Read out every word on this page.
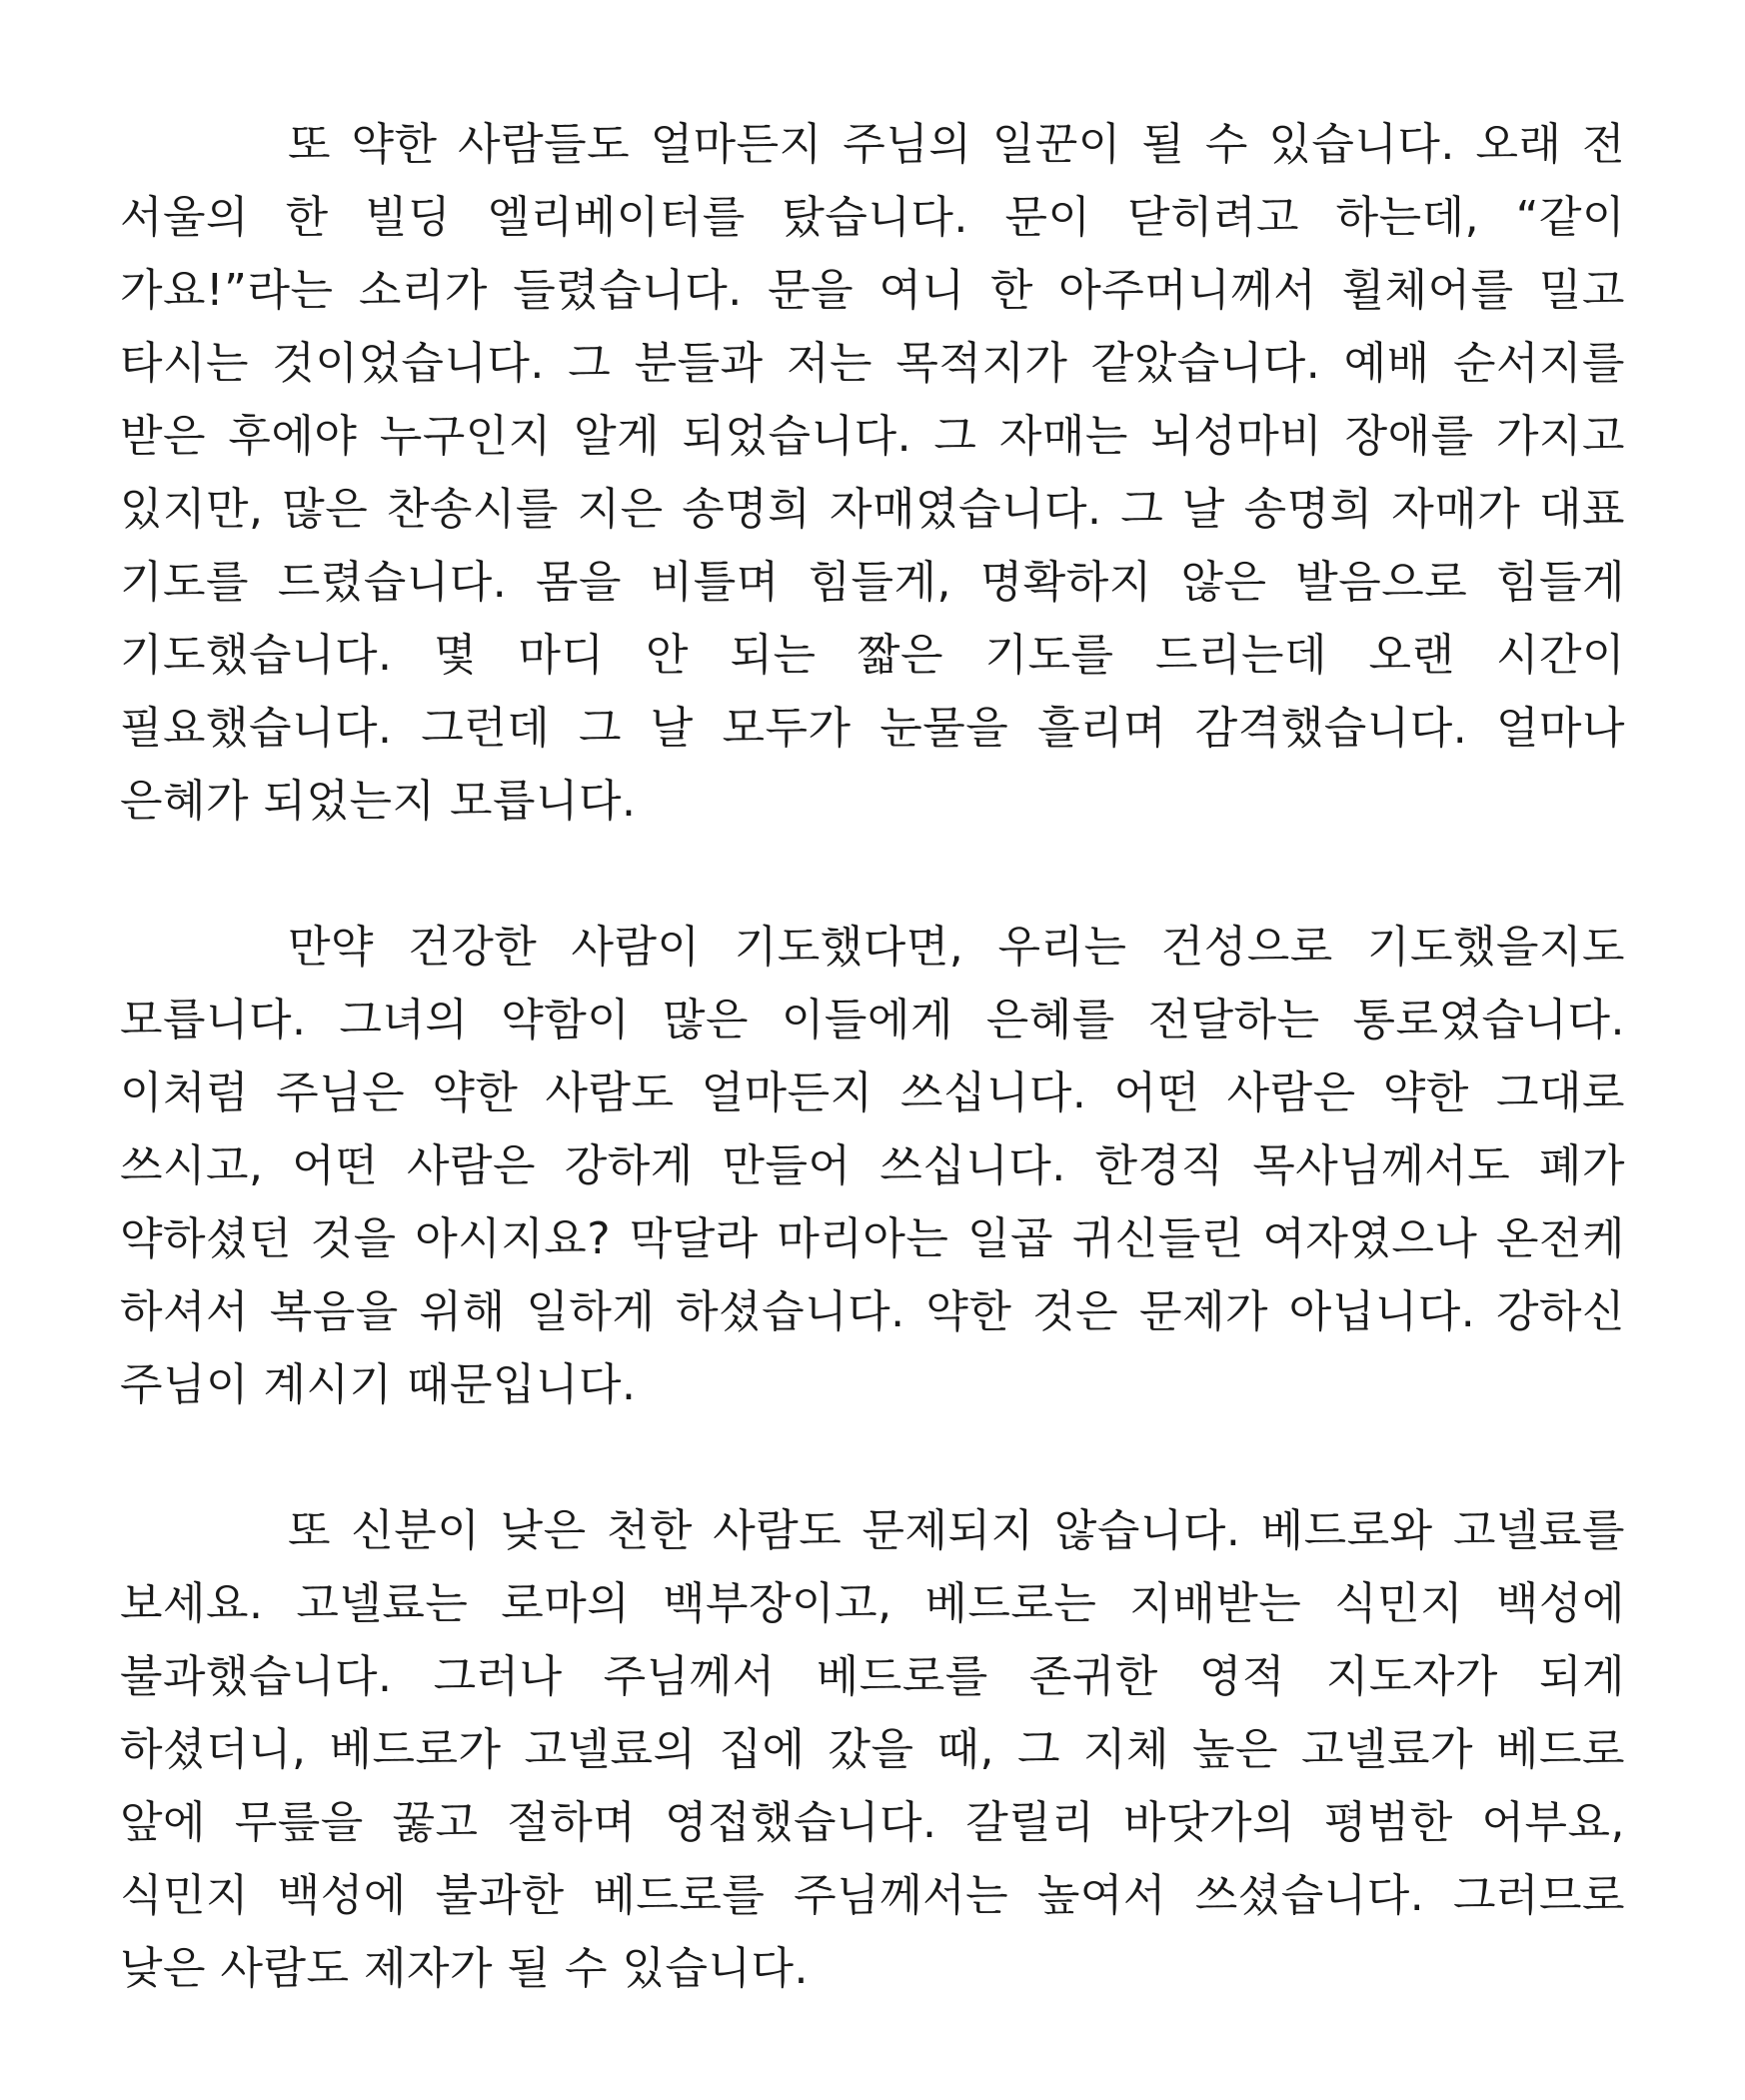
또 약한 사람들도 얼마든지 주님의 일꾼이 될 수 있습니다. 오래 전 서울의 한 빌딩 엘리베이터를 탔습니다. 문이 닫히려고 하는데, “같이 가요!”라는 소리가 들렸습니다. 문을 여니 한 아주머니께서 휠체어를 밀고 타시는 것이었습니다. 그 분들과 저는 목적지가 같았습니다. 예배 순서지를 받은 후에야 누구인지 알게 되었습니다. 그 자매는 뇌성마비 장애를 가지고 있지만, 많은 찬송시를 지은 송명희 자매였습니다. 그 날 송명희 자매가 대표 기도를 드렸습니다. 몸을 비틀며 힘들게, 명확하지 않은 발음으로 힘들게 기도했습니다. 몇 마디 안 되는 짧은 기도를 드리는데 오랜 시간이 필요했습니다. 그런데 그 날 모두가 눈물을 흘리며 감격했습니다. 얼마나 은혜가 되었는지 모릅니다.

만약 건강한 사람이 기도했다면, 우리는 건성으로 기도했을지도 모릅니다. 그녀의 약함이 많은 이들에게 은혜를 전달하는 통로였습니다. 이처럼 주님은 약한 사람도 얼마든지 쓰십니다. 어떤 사람은 약한 그대로 쓰시고, 어떤 사람은 강하게 만들어 쓰십니다. 한경직 목사님께서도 폐가 약하셨던 것을 아시지요? 막달라 마리아는 일곱 귀신들린 여자였으나 온전케 하셔서 복음을 위해 일하게 하셨습니다. 약한 것은 문제가 아닙니다. 강하신 주님이 계시기 때문입니다.

또 신분이 낮은 천한 사람도 문제되지 않습니다. 베드로와 고넬료를 보세요. 고넬료는 로마의 백부장이고, 베드로는 지배받는 식민지 백성에 불과했습니다. 그러나 주님께서 베드로를 존귀한 영적 지도자가 되게 하셨더니, 베드로가 고넬료의 집에 갔을 때, 그 지체 높은 고넬료가 베드로 앞에 무릎을 꿇고 절하며 영접했습니다. 갈릴리 바닷가의 평범한 어부요, 식민지 백성에 불과한 베드로를 주님께서는 높여서 쓰셨습니다. 그러므로 낮은 사람도 제자가 될 수 있습니다.
